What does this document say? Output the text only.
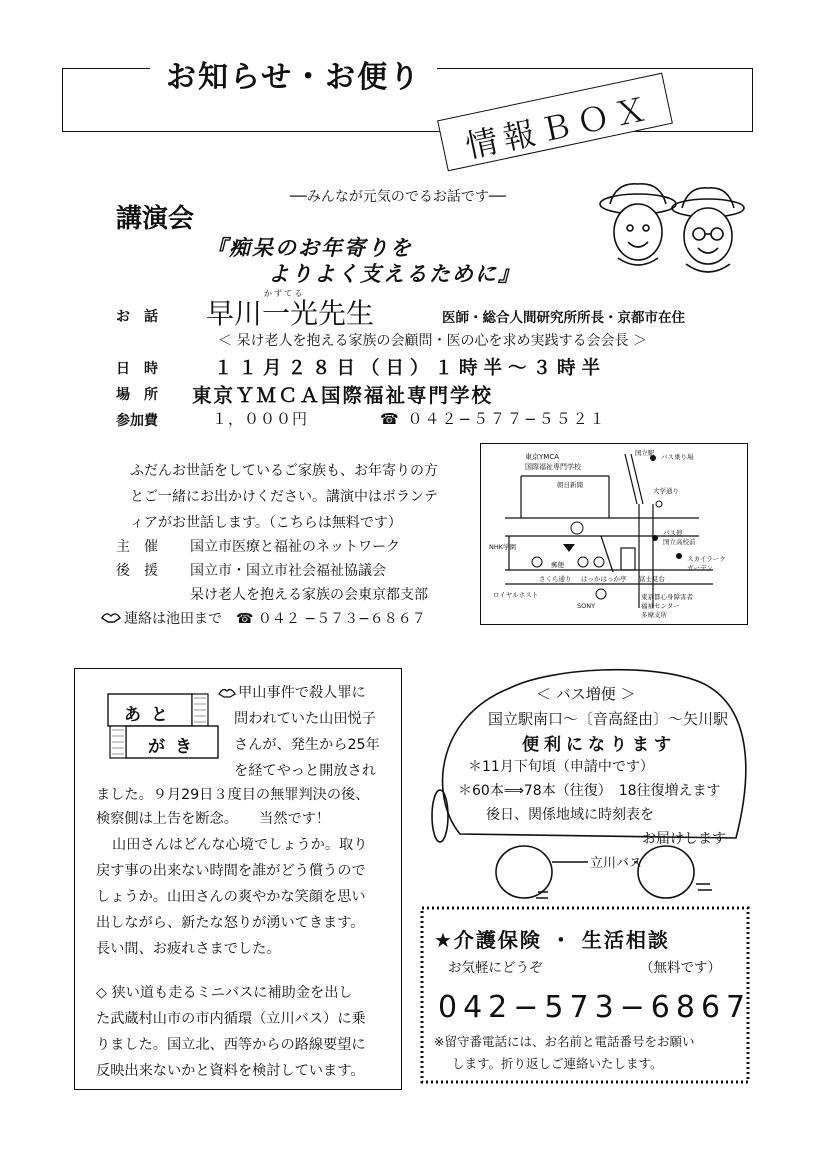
お知らせ・お便り
情報ＢＯＸ
──みんなが元気のでるお話です──
講演会
『痴呆のお年寄りを
よりよく支えるために』
お　話
かずてる
早川一光先生	医師・総合人間研究所所長・京都市在住
＜ 呆け老人を抱える家族の会顧問・医の心を求め実践する会会長 ＞
日　時	１１月２８日（日）１時半～３時半
場　所 東京ＹＭＣＡ国際福祉専門学校
参加費	１，０００円	☎ ０４２−５７７−５５２１
ふだんお世話をしているご家族も、お年寄りの方
とご一緒にお出かけください。講演中はボランテ
ィアがお世話します。（こちらは無料です）
主　催 国立市医療と福祉のネットワーク
後　援 国立市・国立市社会福祉協議会
呆け老人を抱える家族の会東京都支部
連絡は池田まで　☎ ０４２ −５７３−６８６７
東京YMCA
国際福祉専門学校
国立駅 バス乗り場
大学通り
バス停
国立高校前
朝日新聞
NHK学園
郵便
スカイラーク
ガーデン
さくら通り はっかはっか亭 富士見台
ロイヤルホスト
SONY
東京都心身障害者
福祉センター
多摩支所
あと
がき
甲山事件で殺人罪に
問われていた山田悦子
さんが、発生から25年
を経てやっと開放され
ました。９月29日３度目の無罪判決の後、
検察側は上告を断念。　　当然です！
山田さんはどんな心境でしょうか。取り
戻す事の出来ない時間を誰がどう償うので
しょうか。山田さんの爽やかな笑顔を思い
出しながら、新たな怒りが湧いてきます。
長い間、お疲れさまでした。
◇ 狭い道も走るミニバスに補助金を出し
た武蔵村山市の市内循環（立川バス）に乗
りました。国立北、西等からの路線要望に
反映出来ないかと資料を検討しています。
＜ バス増便 ＞
国立駅南口～〔音高経由〕～矢川駅
便利になります
＊11月下旬頃（申請中です）
＊60本⟹78本（往復）　18往復増えます
後日、関係地域に時刻表を
お届けします
立川バス
★介護保険 ・ 生活相談
お気軽にどうぞ	（無料です）
042−573−6867
※留守番電話には、お名前と電話番号をお願い
します。折り返しご連絡いたします。
